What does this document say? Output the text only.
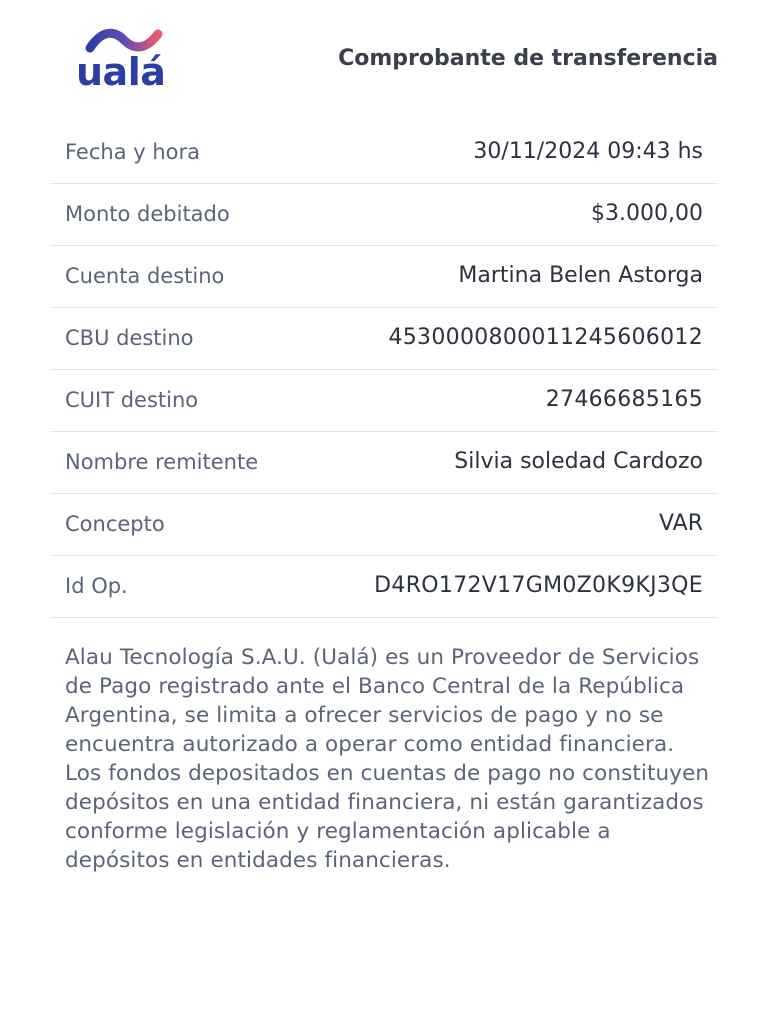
ualá	Comprobante de transferencia
Fecha y hora	30/11/2024 09:43 hs
Monto debitado	$3.000,00
Cuenta destino	Martina Belen Astorga
CBU destino	4530000800011245606012
CUIT destino	27466685165
Nombre remitente	Silvia soledad Cardozo
Concepto	VAR
Id Op.	D4RO172V17GM0Z0K9KJ3QE
Alau Tecnología S.A.U. (Ualá) es un Proveedor de Servicios de Pago registrado ante el Banco Central de la República Argentina, se limita a ofrecer servicios de pago y no se encuentra autorizado a operar como entidad financiera. Los fondos depositados en cuentas de pago no constituyen depósitos en una entidad financiera, ni están garantizados conforme legislación y reglamentación aplicable a depósitos en entidades financieras.
